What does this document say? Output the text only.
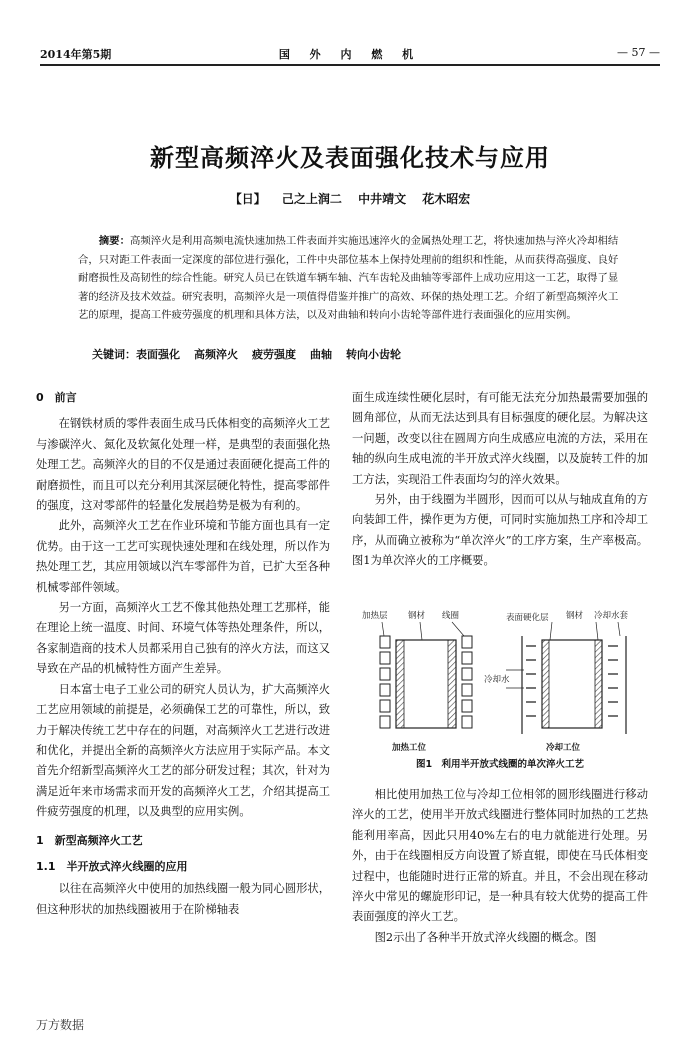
2014年第5期	国 外 内 燃 机	— 57 —
新型高频淬火及表面强化技术与应用
【日】 己之上润二 中井靖文 花木昭宏
摘要：高频淬火是利用高频电流快速加热工件表面并实施迅速淬火的金属热处理工艺，将快速加热与淬火冷却相结合，只对距工件表面一定深度的部位进行强化，工件中央部位基本上保持处理前的组织和性能，从而获得高强度、良好耐磨损性及高韧性的综合性能。研究人员已在铁道车辆车轴、汽车齿轮及曲轴等零部件上成功应用这一工艺，取得了显著的经济及技术效益。研究表明，高频淬火是一项值得借鉴并推广的高效、环保的热处理工艺。介绍了新型高频淬火工艺的原理，提高工件疲劳强度的机理和具体方法，以及对曲轴和转向小齿轮等部件进行表面强化的应用实例。
关键词：表面强化 高频淬火 疲劳强度 曲轴 转向小齿轮

0　前言

在钢铁材质的零件表面生成马氏体相变的高频淬火工艺与渗碳淬火、氮化及软氮化处理一样，是典型的表面强化热处理工艺。高频淬火的目的不仅是通过表面硬化提高工件的耐磨损性，而且可以充分利用其深层硬化特性，提高零部件的强度，这对零部件的轻量化发展趋势是极为有利的。

此外，高频淬火工艺在作业环境和节能方面也具有一定优势。由于这一工艺可实现快速处理和在线处理，所以作为热处理工艺，其应用领域以汽车零部件为首，已扩大至各种机械零部件领域。

另一方面，高频淬火工艺不像其他热处理工艺那样，能在理论上统一温度、时间、环境气体等热处理条件，所以，各家制造商的技术人员都采用自己独有的淬火方法，而这又导致在产品的机械特性方面产生差异。

日本富士电子工业公司的研究人员认为，扩大高频淬火工艺应用领域的前提是，必须确保工艺的可靠性，所以，致力于解决传统工艺中存在的问题，对高频淬火工艺进行改进和优化，并提出全新的高频淬火方法应用于实际产品。本文首先介绍新型高频淬火工艺的部分研发过程；其次，针对为满足近年来市场需求而开发的高频淬火工艺，介绍其提高工件疲劳强度的机理，以及典型的应用实例。

1　新型高频淬火工艺

1.1　半开放式淬火线圈的应用

以往在高频淬火中使用的加热线圈一般为同心圆形状，但这种形状的加热线圈被用于在阶梯轴表

面生成连续性硬化层时，有可能无法充分加热最需要加强的圆角部位，从而无法达到具有目标强度的硬化层。为解决这一问题，改变以往在圆周方向生成感应电流的方法，采用在轴的纵向生成电流的半开放式淬火线圈，以及旋转工件的加工方法，实现沿工件表面均匀的淬火效果。

另外，由于线圈为半圆形，因而可以从与轴成直角的方向装卸工件，操作更为方便，可同时实施加热工序和冷却工序，从而确立被称为“单次淬火”的工序方案，生产率极高。图1为单次淬火的工序概要。

加热层 钢材 线圈	表面硬化层 钢材 冷却水套
冷却水
加热工位	冷却工位
图1　利用半开放式线圈的单次淬火工艺

相比使用加热工位与冷却工位相邻的圆形线圈进行移动淬火的工艺，使用半开放式线圈进行整体同时加热的工艺热能利用率高，因此只用40%左右的电力就能进行处理。另外，由于在线圈相反方向设置了矫直辊，即使在马氏体相变过程中，也能随时进行正常的矫直。并且，不会出现在移动淬火中常见的螺旋形印记，是一种具有较大优势的提高工件表面强度的淬火工艺。

图2示出了各种半开放式淬火线圈的概念。图

万方数据
